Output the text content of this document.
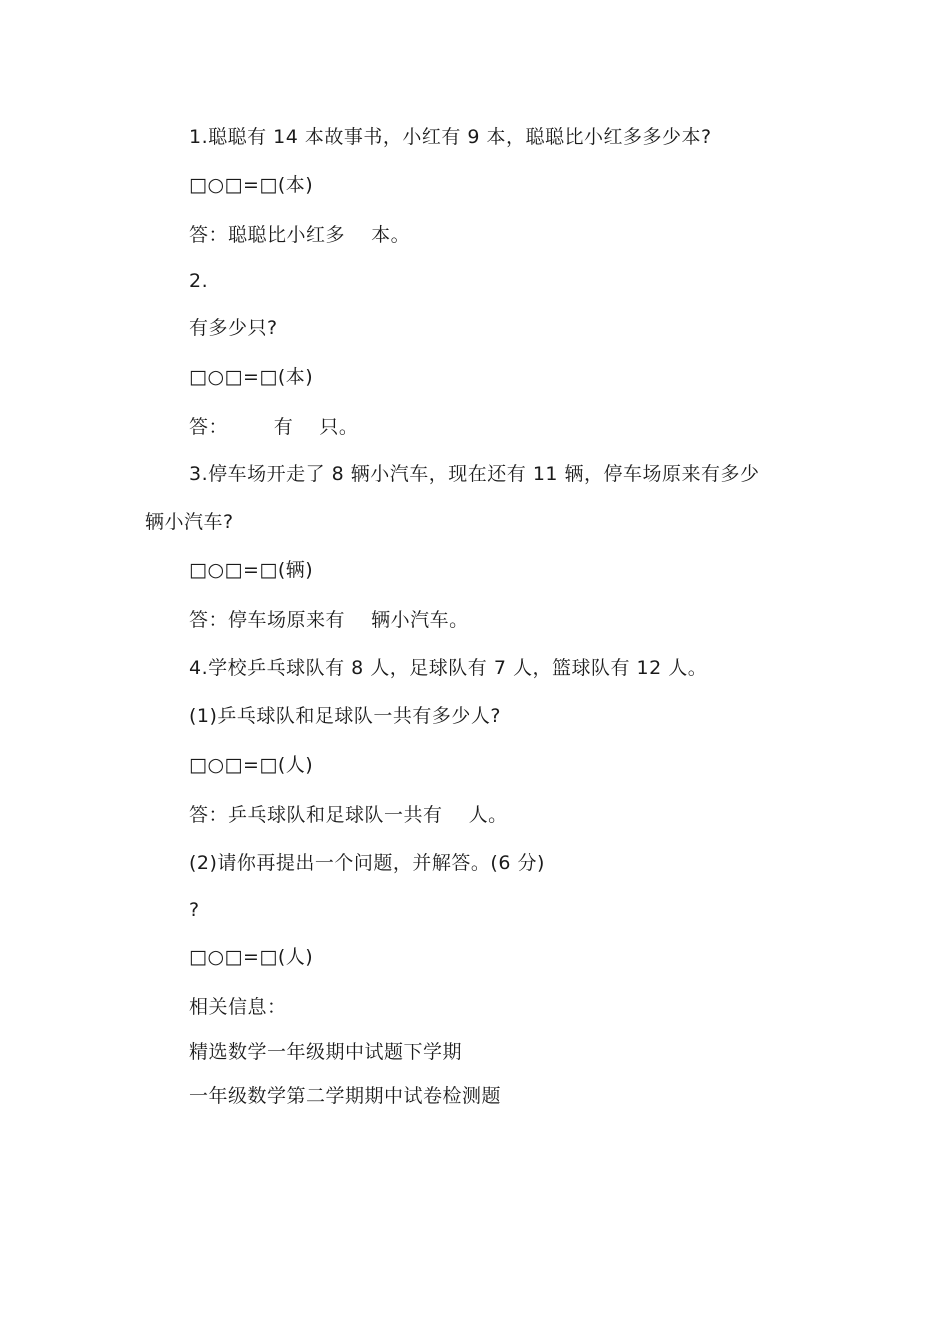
1.聪聪有 14 本故事书，小红有 9 本，聪聪比小红多多少本?
□○□=□(本)
答：聪聪比小红多    本。
2.
有多少只?
□○□=□(本)
答：       有    只。
3.停车场开走了 8 辆小汽车，现在还有 11 辆，停车场原来有多少
辆小汽车?
□○□=□(辆)
答：停车场原来有    辆小汽车。
4.学校乒乓球队有 8 人，足球队有 7 人，篮球队有 12 人。
(1)乒乓球队和足球队一共有多少人?
□○□=□(人)
答：乒乓球队和足球队一共有    人。
(2)请你再提出一个问题，并解答。(6 分)
?
□○□=□(人)
相关信息：
精选数学一年级期中试题下学期
一年级数学第二学期期中试卷检测题
